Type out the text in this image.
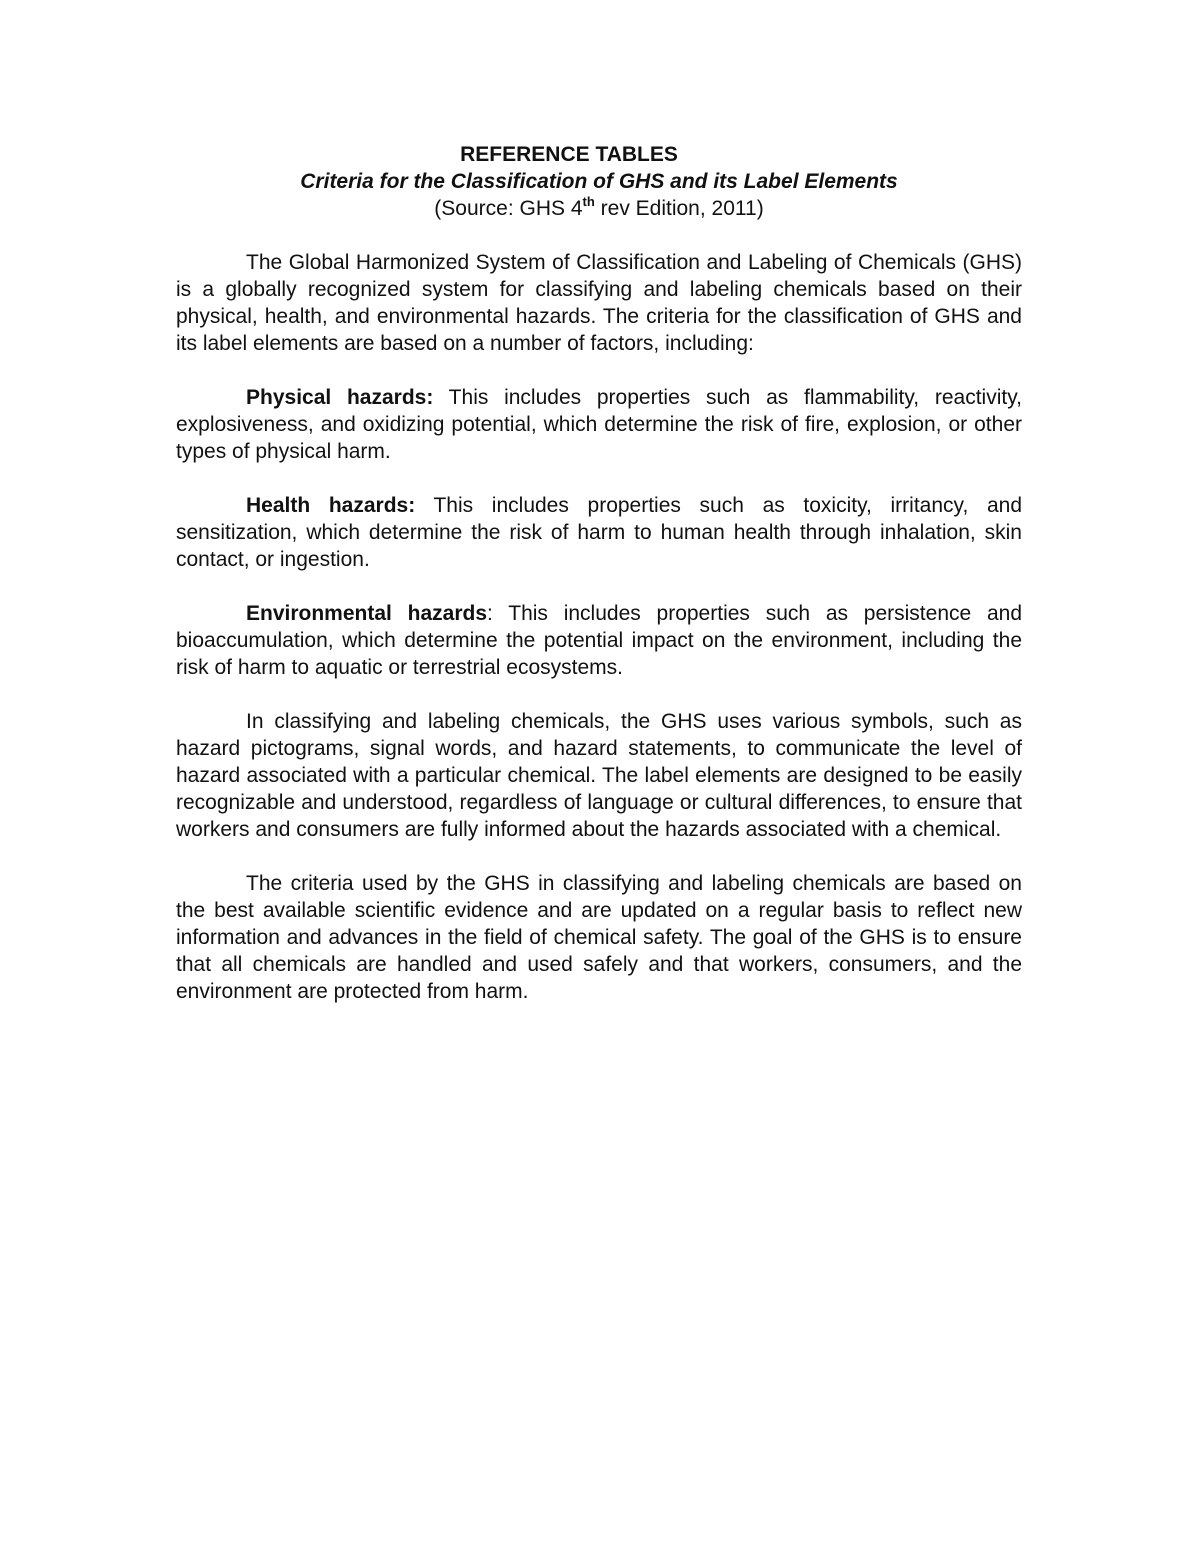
REFERENCE TABLES

Criteria for the Classification of GHS and its Label Elements

(Source: GHS 4th rev Edition, 2011)

The Global Harmonized System of Classification and Labeling of Chemicals (GHS) is a globally recognized system for classifying and labeling chemicals based on their physical, health, and environmental hazards. The criteria for the classification of GHS and its label elements are based on a number of factors, including:

Physical hazards: This includes properties such as flammability, reactivity, explosiveness, and oxidizing potential, which determine the risk of fire, explosion, or other types of physical harm.

Health hazards: This includes properties such as toxicity, irritancy, and sensitization, which determine the risk of harm to human health through inhalation, skin contact, or ingestion.

Environmental hazards: This includes properties such as persistence and bioaccumulation, which determine the potential impact on the environment, including the risk of harm to aquatic or terrestrial ecosystems.

In classifying and labeling chemicals, the GHS uses various symbols, such as hazard pictograms, signal words, and hazard statements, to communicate the level of hazard associated with a particular chemical. The label elements are designed to be easily recognizable and understood, regardless of language or cultural differences, to ensure that workers and consumers are fully informed about the hazards associated with a chemical.

The criteria used by the GHS in classifying and labeling chemicals are based on the best available scientific evidence and are updated on a regular basis to reflect new information and advances in the field of chemical safety. The goal of the GHS is to ensure that all chemicals are handled and used safely and that workers, consumers, and the environment are protected from harm.
